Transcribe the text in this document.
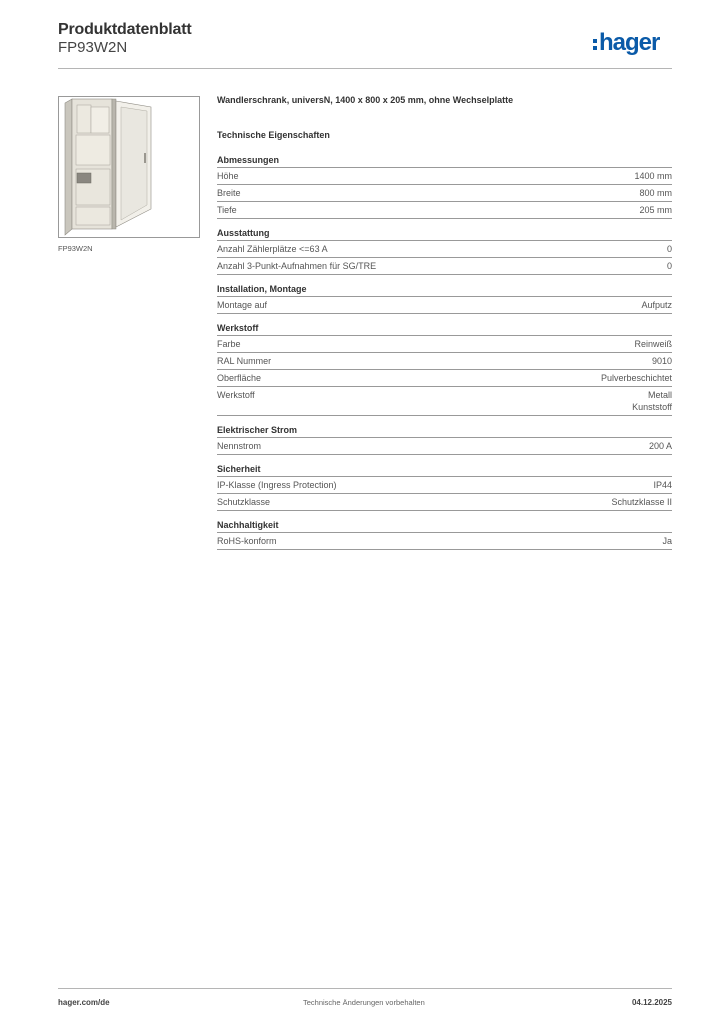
Produktdatenblatt
FP93W2N	hager
FP93W2N
Wandlerschrank, universN, 1400 x 800 x 205 mm, ohne Wechselplatte
Technische Eigenschaften
Abmessungen
Höhe	1400 mm
Breite	800 mm
Tiefe	205 mm
Ausstattung
Anzahl Zählerplätze <=63 A	0
Anzahl 3-Punkt-Aufnahmen für SG/TRE	0
Installation, Montage
Montage auf	Aufputz
Werkstoff
Farbe	Reinweiß
RAL Nummer	9010
Oberfläche	Pulverbeschichtet
Werkstoff	Metall
Kunststoff
Elektrischer Strom
Nennstrom	200 A
Sicherheit
IP-Klasse (Ingress Protection)	IP44
Schutzklasse	Schutzklasse II
Nachhaltigkeit
RoHS-konform	Ja
hager.com/de	Technische Änderungen vorbehalten	04.12.2025
